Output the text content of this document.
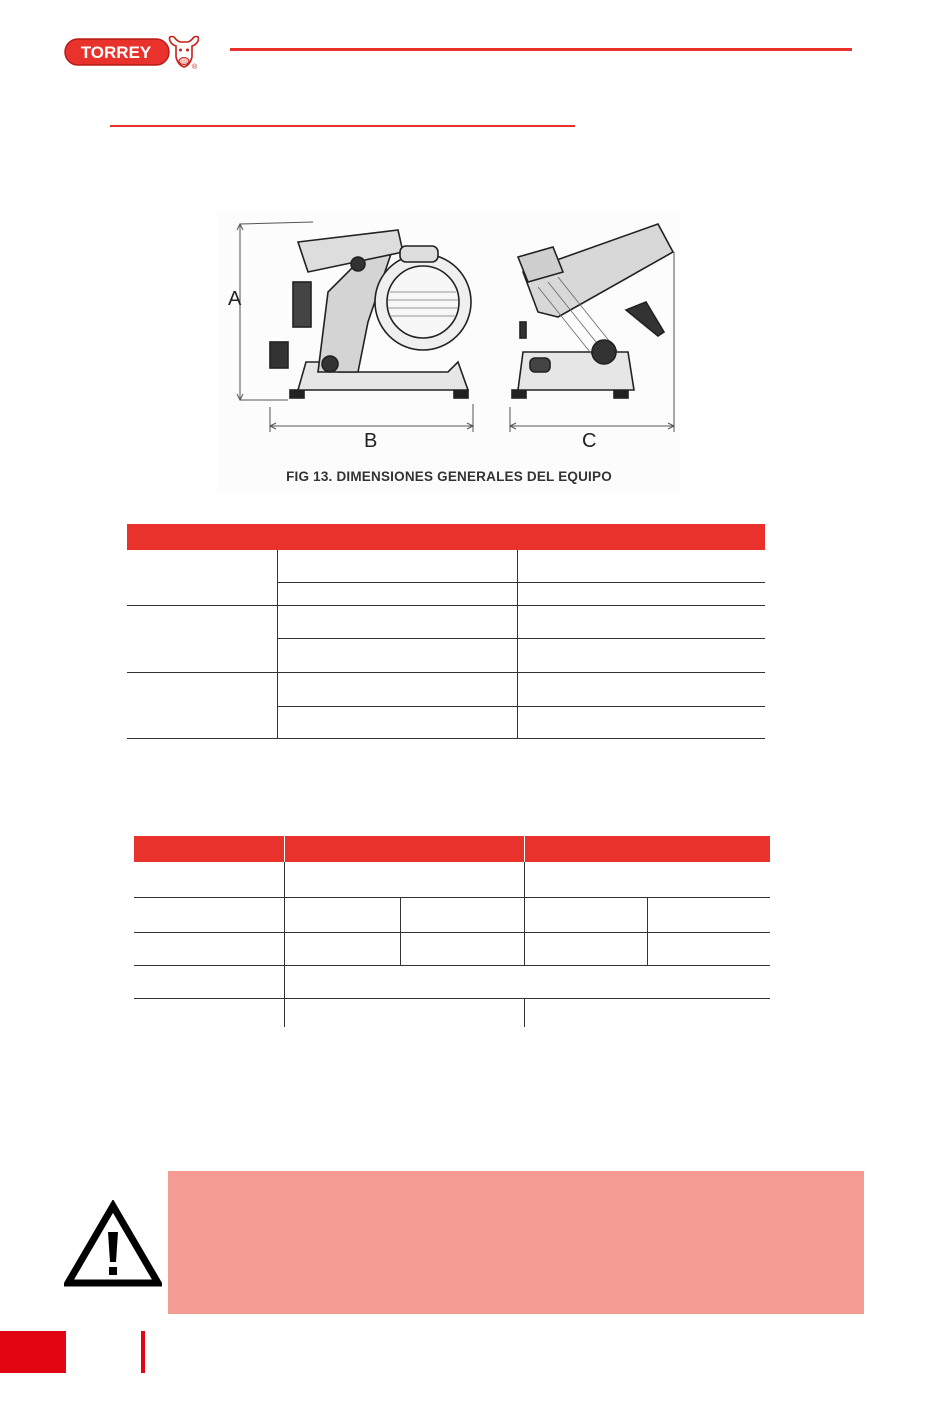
TORREY
®
A
B	C
FIG 13. DIMENSIONES GENERALES DEL EQUIPO
